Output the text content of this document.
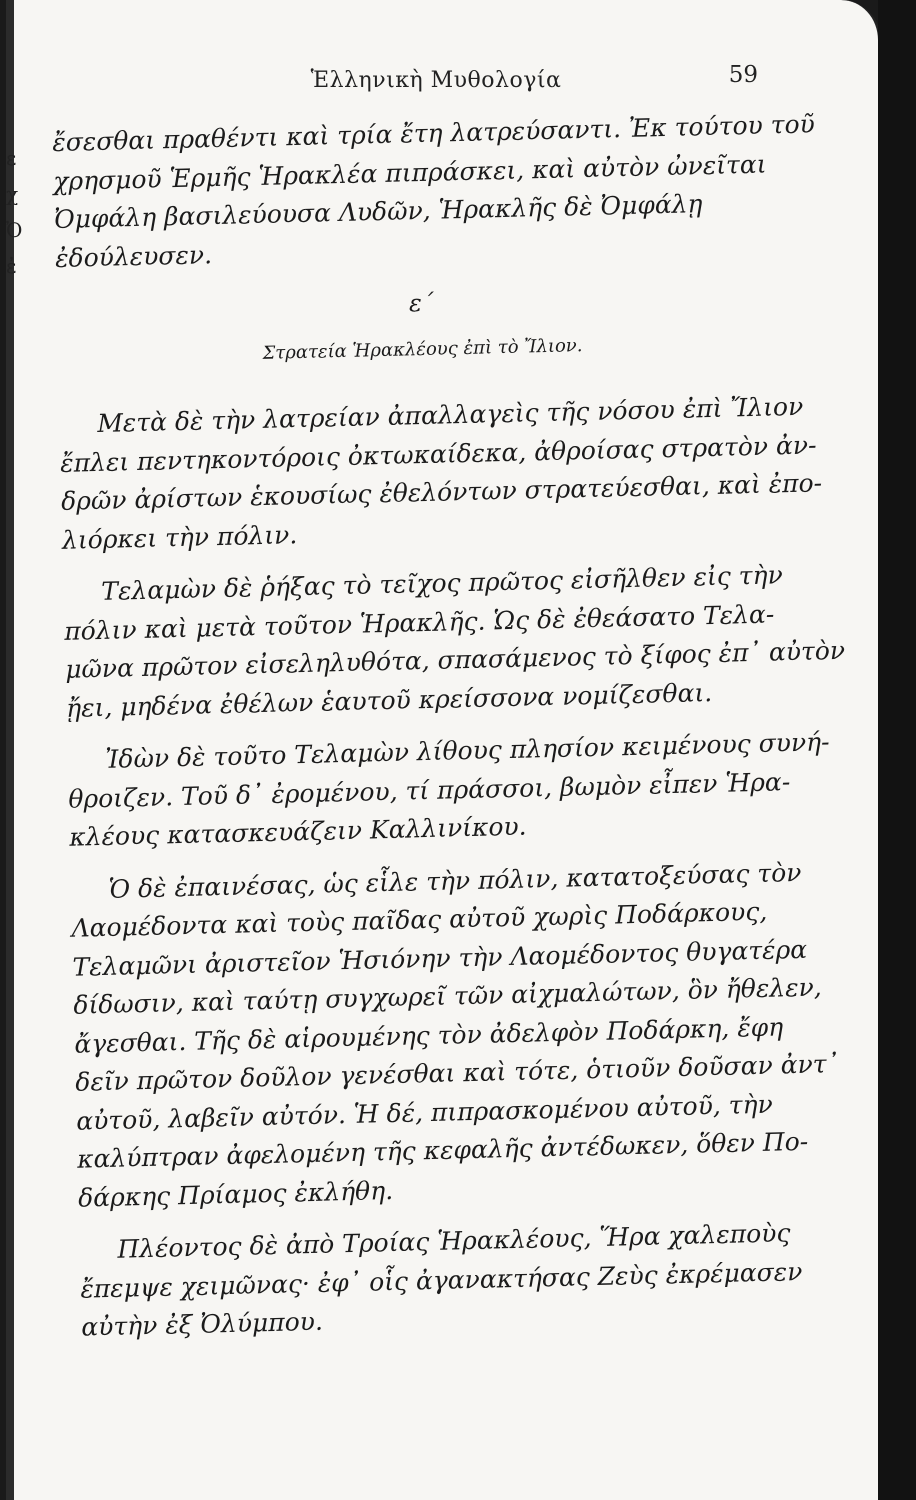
ε
χ
Ὀ
ἐ
Ἑλληνικὴ Μυθολογία	59
ἔσεσθαι πραθέντι καὶ τρία ἔτη λατρεύσαντι. Ἐκ τούτου τοῦ
χρησμοῦ Ἑρμῆς Ἡρακλέα πιπράσκει, καὶ αὐτὸν ὠνεῖται
Ὀμφάλη βασιλεύουσα Λυδῶν, Ἡρακλῆς δὲ Ὀμφάλῃ
ἐδούλευσεν.
ε΄
Στρατεία Ἡρακλέους ἐπὶ τὸ Ἴλιον.
Μετὰ δὲ τὴν λατρείαν ἀπαλλαγεὶς τῆς νόσου ἐπὶ Ἴλιον
ἔπλει πεντηκοντόροις ὀκτωκαίδεκα, ἀθροίσας στρατὸν ἀν-
δρῶν ἀρίστων ἑκουσίως ἐθελόντων στρατεύεσθαι, καὶ ἐπο-
λιόρκει τὴν πόλιν.
Τελαμὼν δὲ ῥήξας τὸ τεῖχος πρῶτος εἰσῆλθεν εἰς τὴν
πόλιν καὶ μετὰ τοῦτον Ἡρακλῆς. Ὡς δὲ ἐθεάσατο Τελα-
μῶνα πρῶτον εἰσεληλυθότα, σπασάμενος τὸ ξίφος ἐπ᾽ αὐτὸν
ᾔει, μηδένα ἐθέλων ἑαυτοῦ κρείσσονα νομίζεσθαι.
Ἰδὼν δὲ τοῦτο Τελαμὼν λίθους πλησίον κειμένους συνή-
θροιζεν. Τοῦ δ᾽ ἐρομένου, τί πράσσοι, βωμὸν εἶπεν Ἡρα-
κλέους κατασκευάζειν Καλλινίκου.
Ὁ δὲ ἐπαινέσας, ὡς εἷλε τὴν πόλιν, κατατοξεύσας τὸν
Λαομέδοντα καὶ τοὺς παῖδας αὐτοῦ χωρὶς Ποδάρκους,
Τελαμῶνι ἀριστεῖον Ἡσιόνην τὴν Λαομέδοντος θυγατέρα
δίδωσιν, καὶ ταύτῃ συγχωρεῖ τῶν αἰχμαλώτων, ὃν ἤθελεν,
ἄγεσθαι. Τῆς δὲ αἱρουμένης τὸν ἀδελφὸν Ποδάρκη, ἔφη
δεῖν πρῶτον δοῦλον γενέσθαι καὶ τότε, ὁτιοῦν δοῦσαν ἀντ᾽
αὐτοῦ, λαβεῖν αὐτόν. Ἡ δέ, πιπρασκομένου αὐτοῦ, τὴν
καλύπτραν ἀφελομένη τῆς κεφαλῆς ἀντέδωκεν, ὅθεν Πο-
δάρκης Πρίαμος ἐκλήθη.
Πλέοντος δὲ ἀπὸ Τροίας Ἡρακλέους, Ἥρα χαλεποὺς
ἔπεμψε χειμῶνας· ἐφ᾽ οἷς ἀγανακτήσας Ζεὺς ἐκρέμασεν
αὐτὴν ἐξ Ὀλύμπου.
